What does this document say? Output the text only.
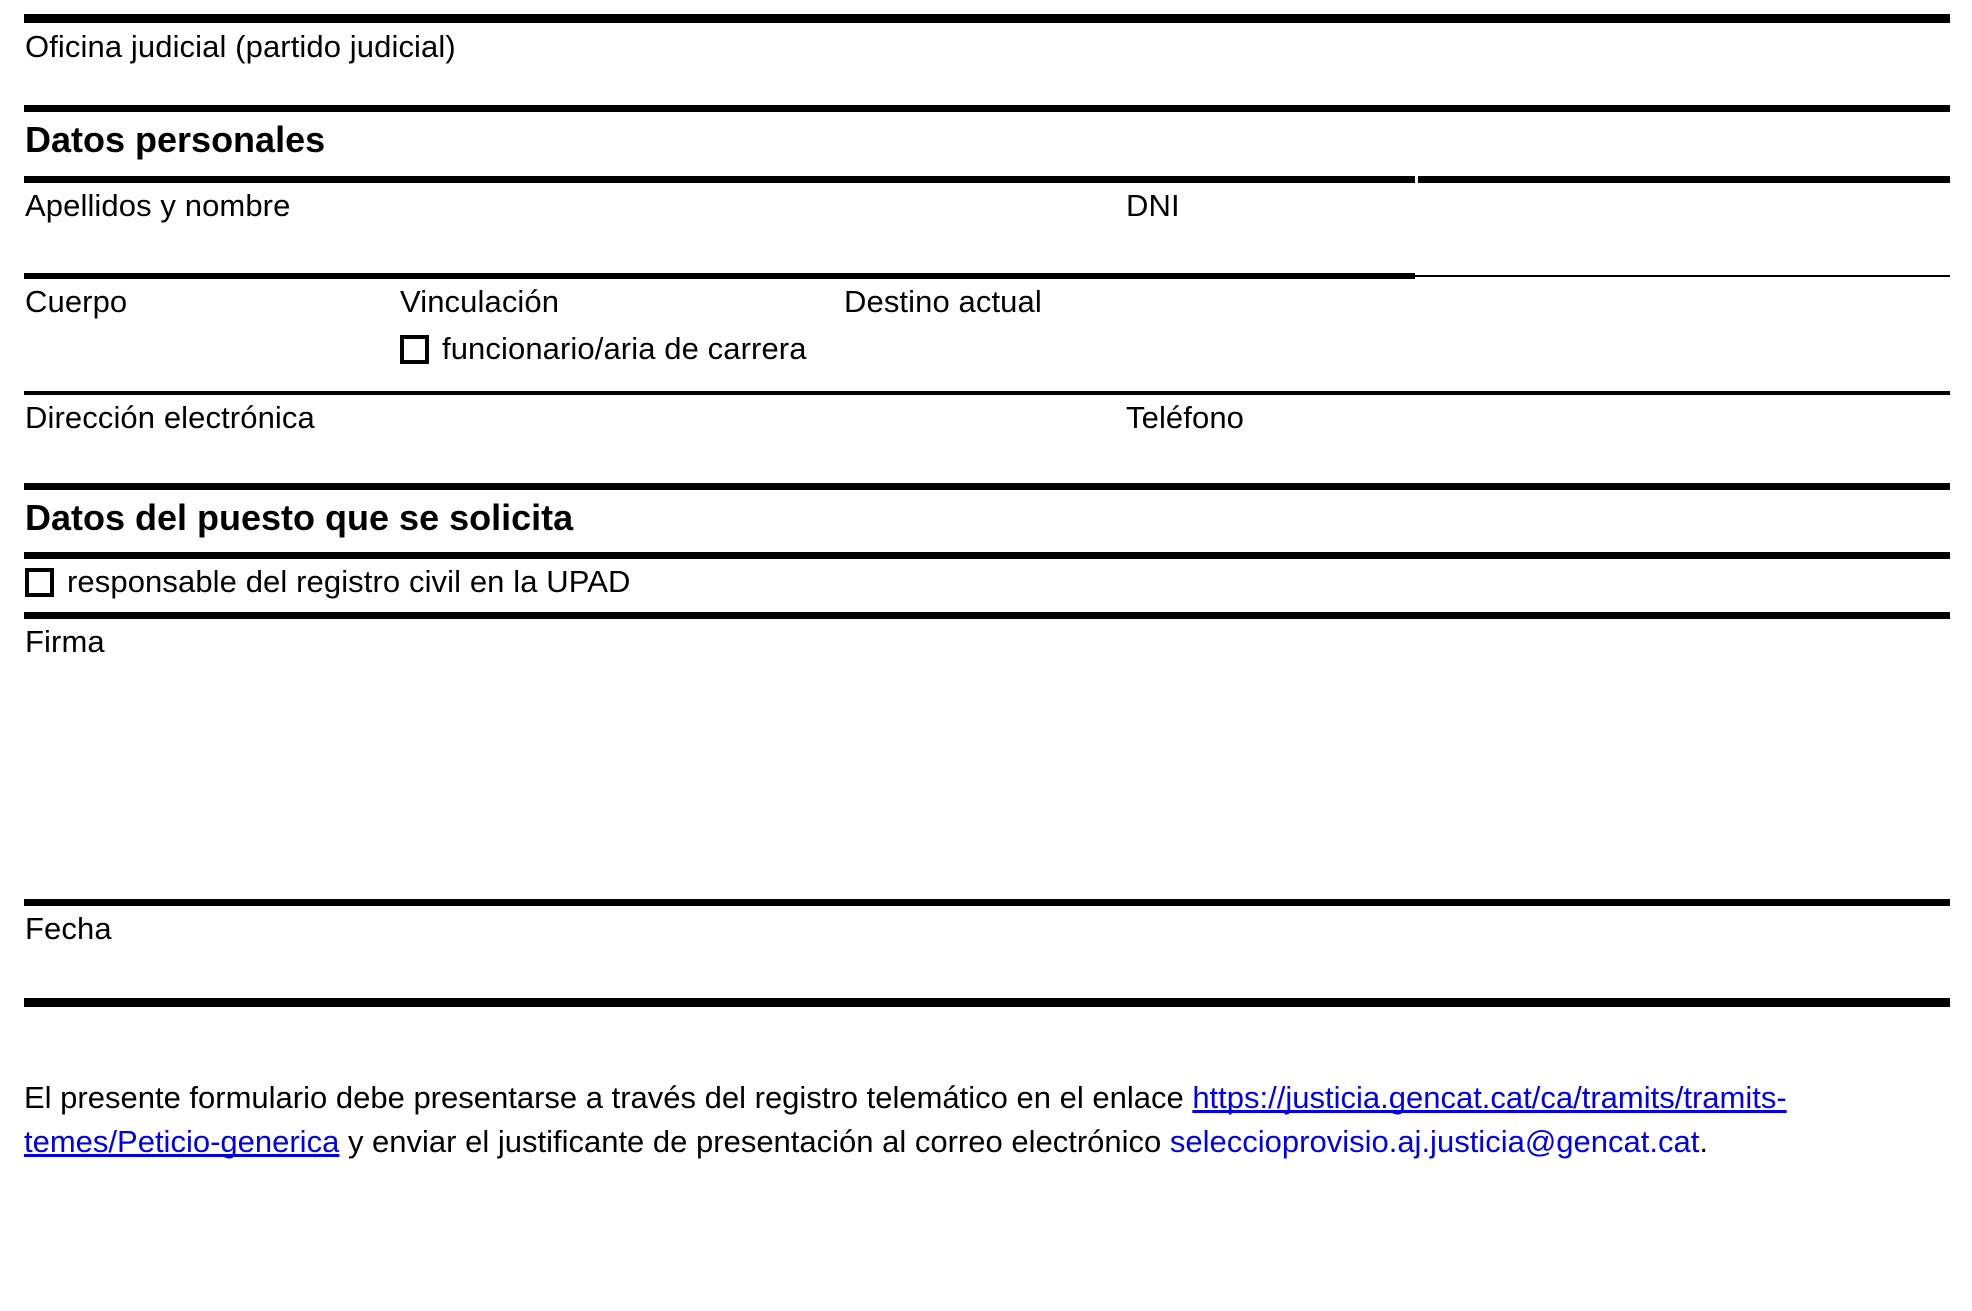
Oficina judicial (partido judicial)
Datos personales
Apellidos y nombre	DNI
Cuerpo	Vinculación	Destino actual
funcionario/aria de carrera
Dirección electrónica	Teléfono
Datos del puesto que se solicita
responsable del registro civil en la UPAD
Firma
Fecha
El presente formulario debe presentarse a través del registro telemático en el enlace https://justicia.gencat.cat/ca/tramits/tramits-temes/Peticio-generica y enviar el justificante de presentación al correo electrónico seleccioprovisio.aj.justicia@gencat.cat.
